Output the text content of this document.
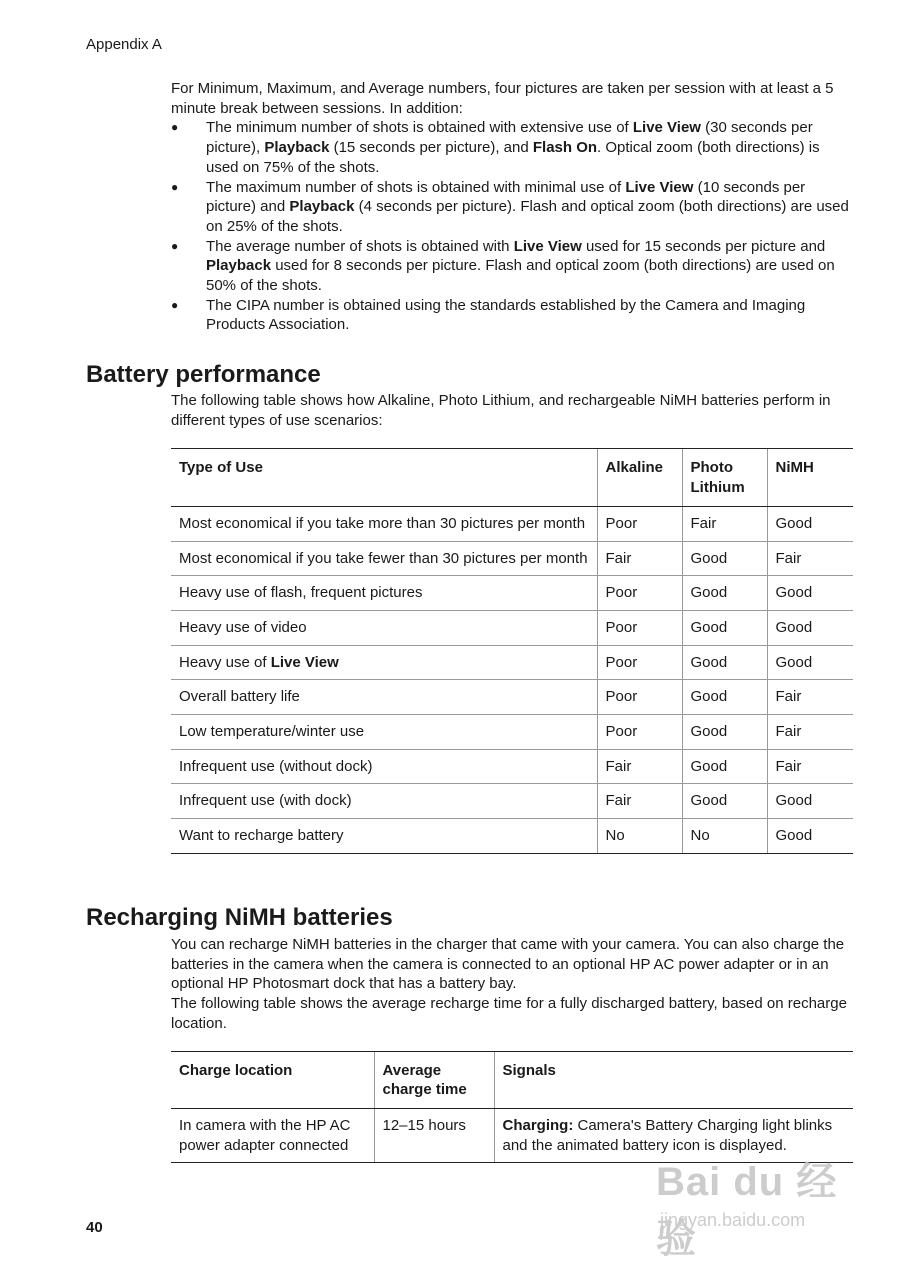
Appendix A

For Minimum, Maximum, and Average numbers, four pictures are taken per session with at least a 5 minute break between sessions. In addition:

● The minimum number of shots is obtained with extensive use of Live View (30 seconds per picture), Playback (15 seconds per picture), and Flash On. Optical zoom (both directions) is used on 75% of the shots.
● The maximum number of shots is obtained with minimal use of Live View (10 seconds per picture) and Playback (4 seconds per picture). Flash and optical zoom (both directions) are used on 25% of the shots.
● The average number of shots is obtained with Live View used for 15 seconds per picture and Playback used for 8 seconds per picture. Flash and optical zoom (both directions) are used on 50% of the shots.
● The CIPA number is obtained using the standards established by the Camera and Imaging Products Association.
Battery performance

The following table shows how Alkaline, Photo Lithium, and rechargeable NiMH batteries perform in different types of use scenarios:

Type of Use	Alkaline	Photo Lithium	NiMH
Most economical if you take more than 30 pictures per month	Poor	Fair	Good
Most economical if you take fewer than 30 pictures per month	Fair	Good	Fair
Heavy use of flash, frequent pictures	Poor	Good	Good
Heavy use of video	Poor	Good	Good
Heavy use of Live View	Poor	Good	Good
Overall battery life	Poor	Good	Fair
Low temperature/winter use	Poor	Good	Fair
Infrequent use (without dock)	Fair	Good	Fair
Infrequent use (with dock)	Fair	Good	Good
Want to recharge battery	No	No	Good
Recharging NiMH batteries

You can recharge NiMH batteries in the charger that came with your camera. You can also charge the batteries in the camera when the camera is connected to an optional HP AC power adapter or in an optional HP Photosmart dock that has a battery bay.

The following table shows the average recharge time for a fully discharged battery, based on recharge location.

Charge location	Average charge time	Signals
In camera with the HP AC power adapter connected	12–15 hours	Charging: Camera's Battery Charging light blinks and the animated battery icon is displayed.
Bai du 经验
jingyan.baidu.com
40
